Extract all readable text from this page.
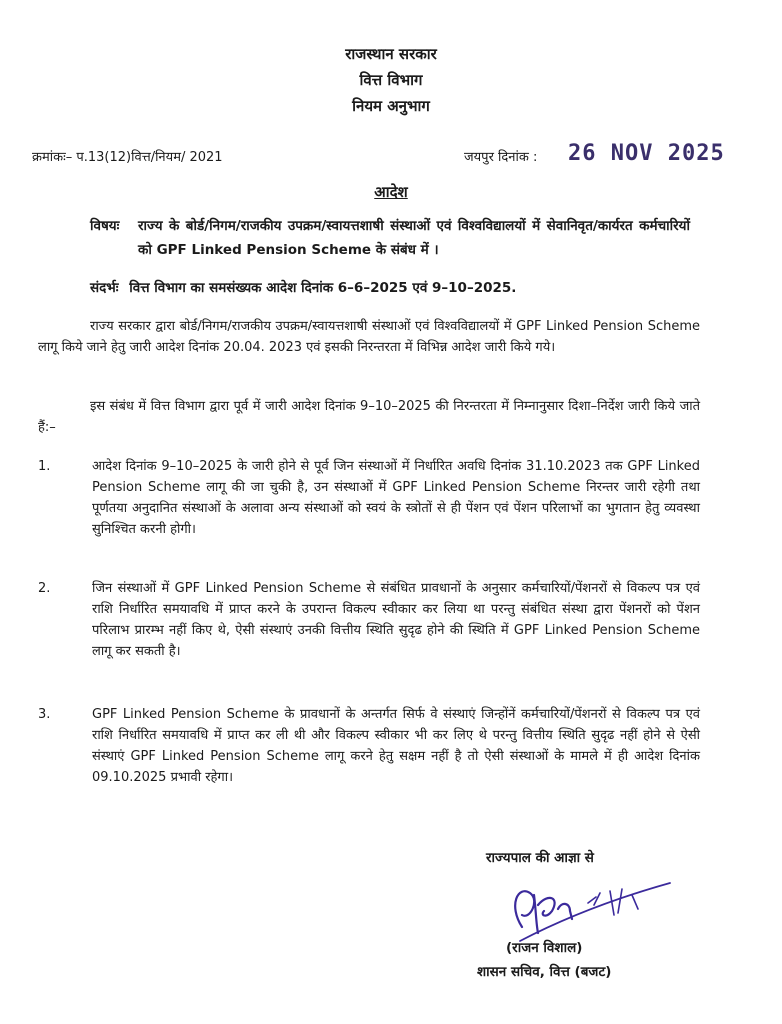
राजस्थान सरकार
वित्त विभाग
नियम अनुभाग
क्रमांकः– प.13(12)वित्त/नियम/ 2021	जयपुर दिनांक : 26 NOV 2025
आदेश
विषयः	राज्य के बोर्ड/निगम/राजकीय उपक्रम/स्वायत्तशाषी संस्थाओं एवं विश्वविद्यालयों में सेवानिवृत/कार्यरत कर्मचारियों को GPF Linked Pension Scheme के संबंध में ।
संदर्भः वित्त विभाग का समसंख्यक आदेश दिनांक 6–6–2025 एवं 9–10–2025.
राज्य सरकार द्वारा बोर्ड/निगम/राजकीय उपक्रम/स्वायत्तशाषी संस्थाओं एवं विश्वविद्यालयों में GPF Linked Pension Scheme लागू किये जाने हेतु जारी आदेश दिनांक 20.04. 2023 एवं इसकी निरन्तरता में विभिन्न आदेश जारी किये गये।
इस संबंध में वित्त विभाग द्वारा पूर्व में जारी आदेश दिनांक 9–10–2025 की निरन्तरता में निम्नानुसार दिशा–निर्देश जारी किये जाते हैं:–
1.	आदेश दिनांक 9–10–2025 के जारी होने से पूर्व जिन संस्थाओं में निर्धारित अवधि दिनांक 31.10.2023 तक GPF Linked Pension Scheme लागू की जा चुकी है, उन संस्थाओं में GPF Linked Pension Scheme निरन्तर जारी रहेगी तथा पूर्णतया अनुदानित संस्थाओं के अलावा अन्य संस्थाओं को स्वयं के स्त्रोतों से ही पेंशन एवं पेंशन परिलाभों का भुगतान हेतु व्यवस्था सुनिश्चित करनी होगी।
2.	जिन संस्थाओं में GPF Linked Pension Scheme से संबंधित प्रावधानों के अनुसार कर्मचारियों/पेंशनरों से विकल्प पत्र एवं राशि निर्धारित समयावधि में प्राप्त करने के उपरान्त विकल्प स्वीकार कर लिया था परन्तु संबंधित संस्था द्वारा पेंशनरों को पेंशन परिलाभ प्रारम्भ नहीं किए थे, ऐसी संस्थाएं उनकी वित्तीय स्थिति सुदृढ होने की स्थिति में GPF Linked Pension Scheme लागू कर सकती है।
3.	GPF Linked Pension Scheme के प्रावधानों के अन्तर्गत सिर्फ वे संस्थाएं जिन्होंनें कर्मचारियों/पेंशनरों से विकल्प पत्र एवं राशि निर्धारित समयावधि में प्राप्त कर ली थी और विकल्प स्वीकार भी कर लिए थे परन्तु वित्तीय स्थिति सुदृढ नहीं होने से ऐसी संस्थाएं GPF Linked Pension Scheme लागू करने हेतु सक्षम नहीं है तो ऐसी संस्थाओं के मामले में ही आदेश दिनांक 09.10.2025 प्रभावी रहेगा।
राज्यपाल की आज्ञा से
(राजन विशाल)
शासन सचिव, वित्त (बजट)
